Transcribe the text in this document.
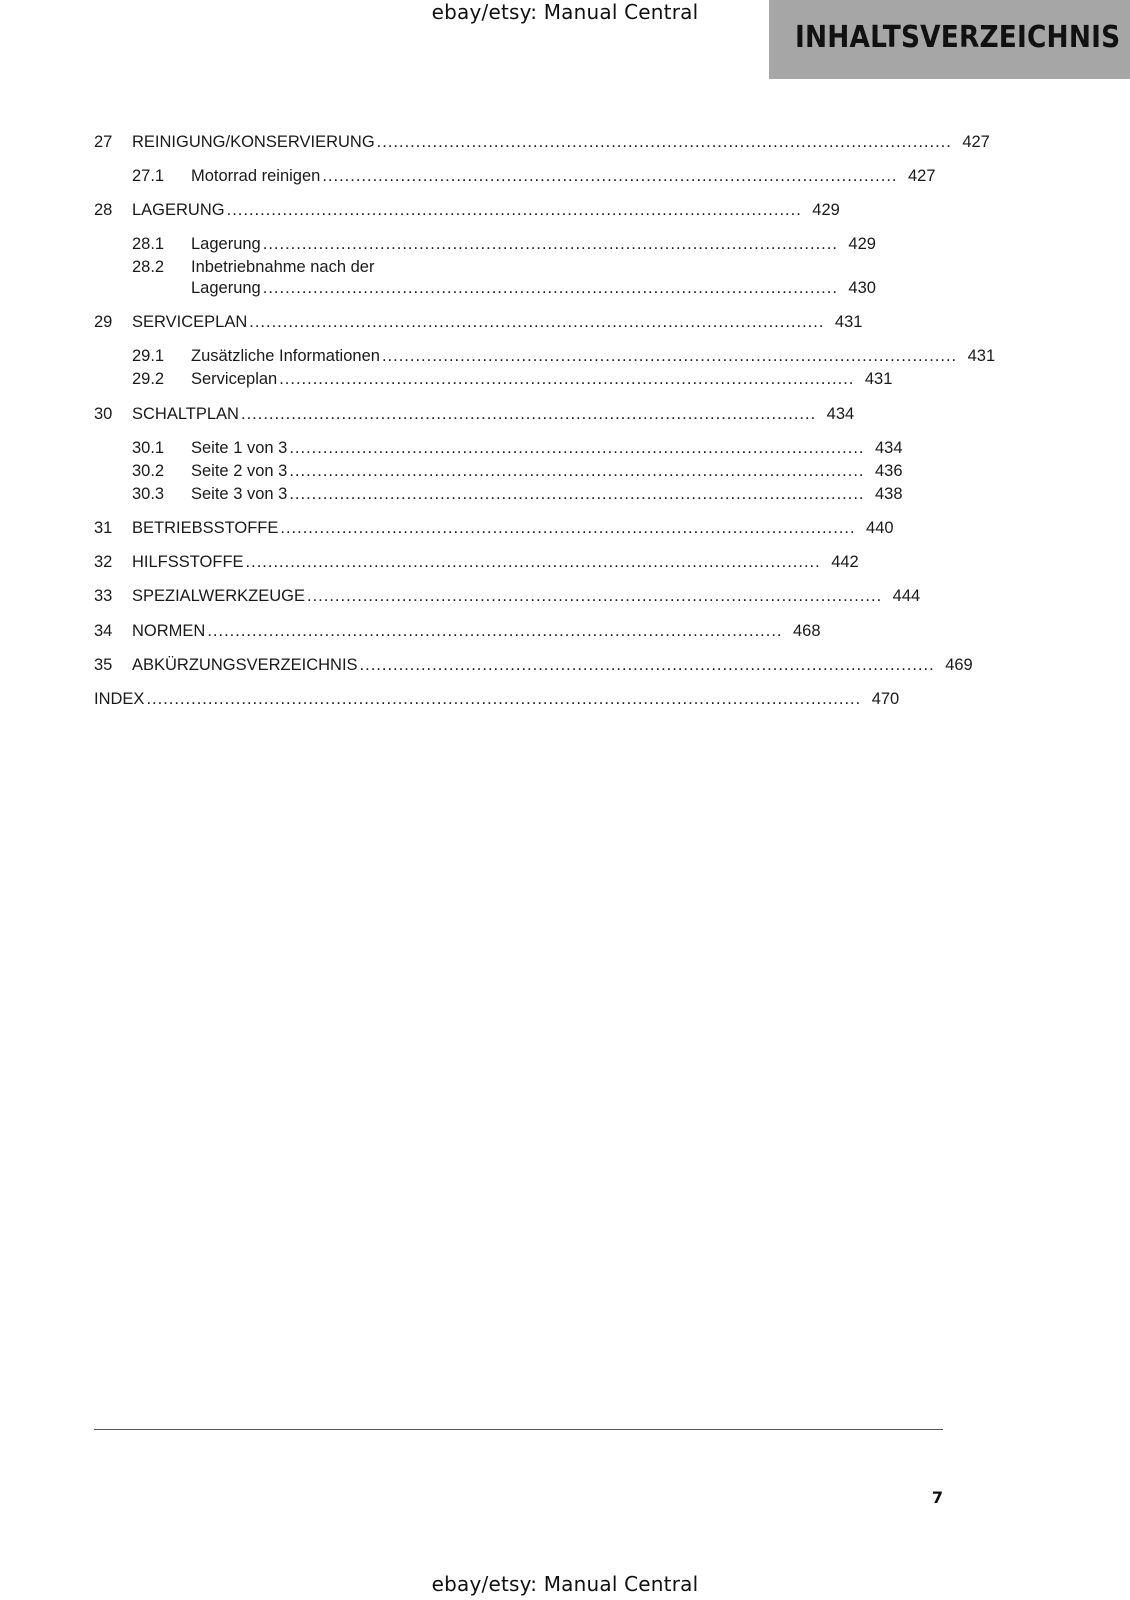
ebay/etsy: Manual Central
INHALTSVERZEICHNIS
27 REINIGUNG/KONSERVIERUNG ....................................................................................................... 427
27.1 Motorrad reinigen ....................................................................................................... 427
28 LAGERUNG ....................................................................................................... 429
28.1 Lagerung ....................................................................................................... 429
28.2 Inbetriebnahme nach der
Lagerung ....................................................................................................... 430
29 SERVICEPLAN ....................................................................................................... 431
29.1 Zusätzliche Informationen ....................................................................................................... 431
29.2 Serviceplan ....................................................................................................... 431
30 SCHALTPLAN ....................................................................................................... 434
30.1 Seite 1 von 3 ....................................................................................................... 434
30.2 Seite 2 von 3 ....................................................................................................... 436
30.3 Seite 3 von 3 ....................................................................................................... 438
31 BETRIEBSSTOFFE ....................................................................................................... 440
32 HILFSSTOFFE ....................................................................................................... 442
33 SPEZIALWERKZEUGE ....................................................................................................... 444
34 NORMEN ....................................................................................................... 468
35 ABKÜRZUNGSVERZEICHNIS ....................................................................................................... 469
INDEX ................................................................................................................................ 470
7
ebay/etsy: Manual Central
